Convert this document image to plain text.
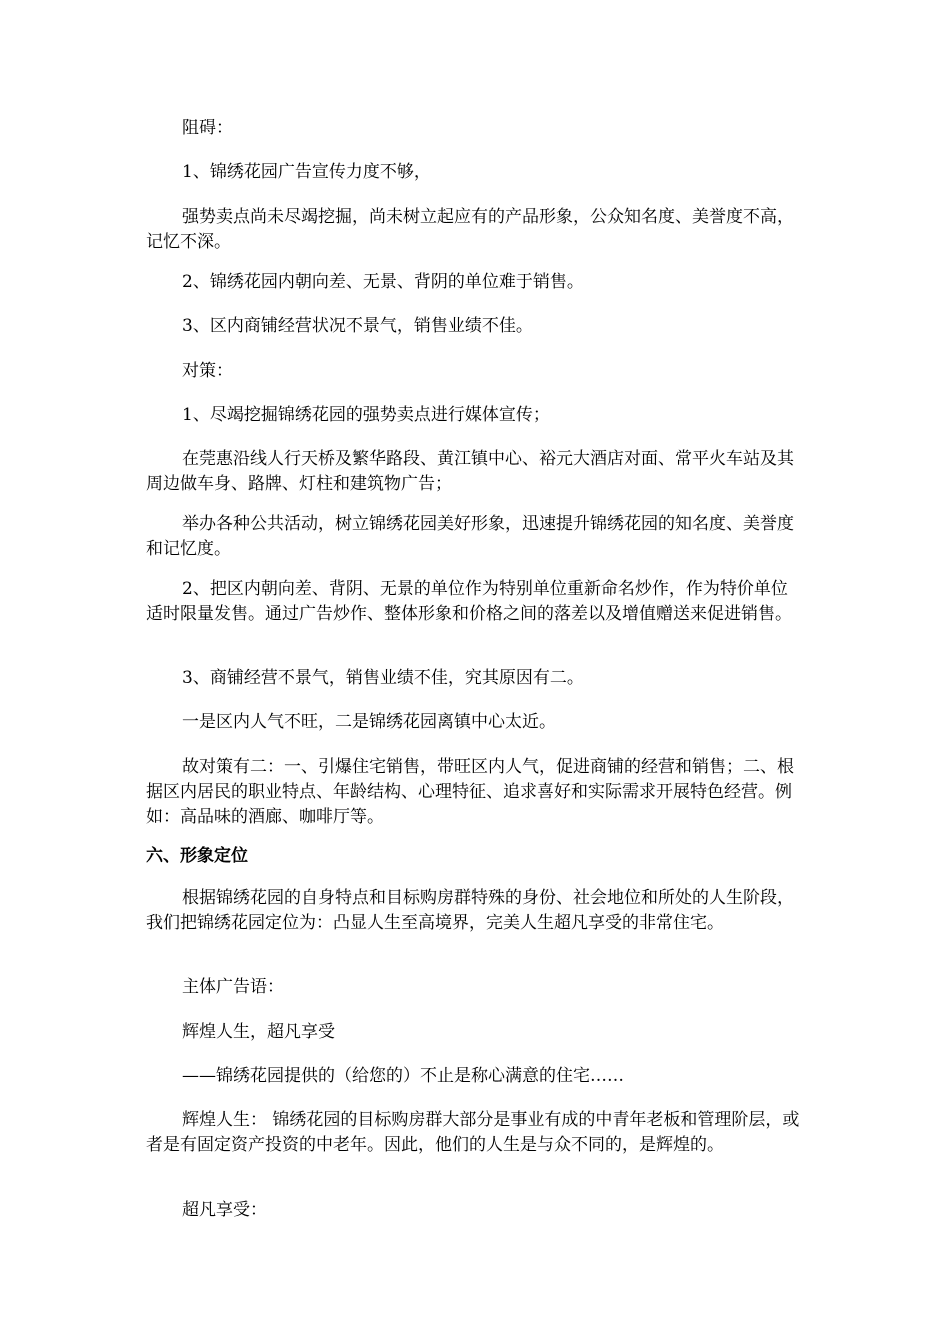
阻碍：

1、锦绣花园广告宣传力度不够，

强势卖点尚未尽竭挖掘，尚未树立起应有的产品形象，公众知名度、美誉度不高，记忆不深。

2、锦绣花园内朝向差、无景、背阴的单位难于销售。

3、区内商铺经营状况不景气，销售业绩不佳。

对策：

1、尽竭挖掘锦绣花园的强势卖点进行媒体宣传；

在莞惠沿线人行天桥及繁华路段、黄江镇中心、裕元大酒店对面、常平火车站及其周边做车身、路牌、灯柱和建筑物广告；

举办各种公共活动，树立锦绣花园美好形象，迅速提升锦绣花园的知名度、美誉度和记忆度。

2、把区内朝向差、背阴、无景的单位作为特别单位重新命名炒作，作为特价单位适时限量发售。通过广告炒作、整体形象和价格之间的落差以及增值赠送来促进销售。

3、商铺经营不景气，销售业绩不佳，究其原因有二。

一是区内人气不旺，二是锦绣花园离镇中心太近。

故对策有二：一、引爆住宅销售，带旺区内人气，促进商铺的经营和销售；二、根据区内居民的职业特点、年龄结构、心理特征、追求喜好和实际需求开展特色经营。例如：高品味的酒廊、咖啡厅等。

六、形象定位

根据锦绣花园的自身特点和目标购房群特殊的身份、社会地位和所处的人生阶段，我们把锦绣花园定位为：凸显人生至高境界，完美人生超凡享受的非常住宅。

主体广告语：

辉煌人生，超凡享受

——锦绣花园提供的（给您的）不止是称心满意的住宅……

辉煌人生： 锦绣花园的目标购房群大部分是事业有成的中青年老板和管理阶层，或者是有固定资产投资的中老年。因此，他们的人生是与众不同的，是辉煌的。

超凡享受：
